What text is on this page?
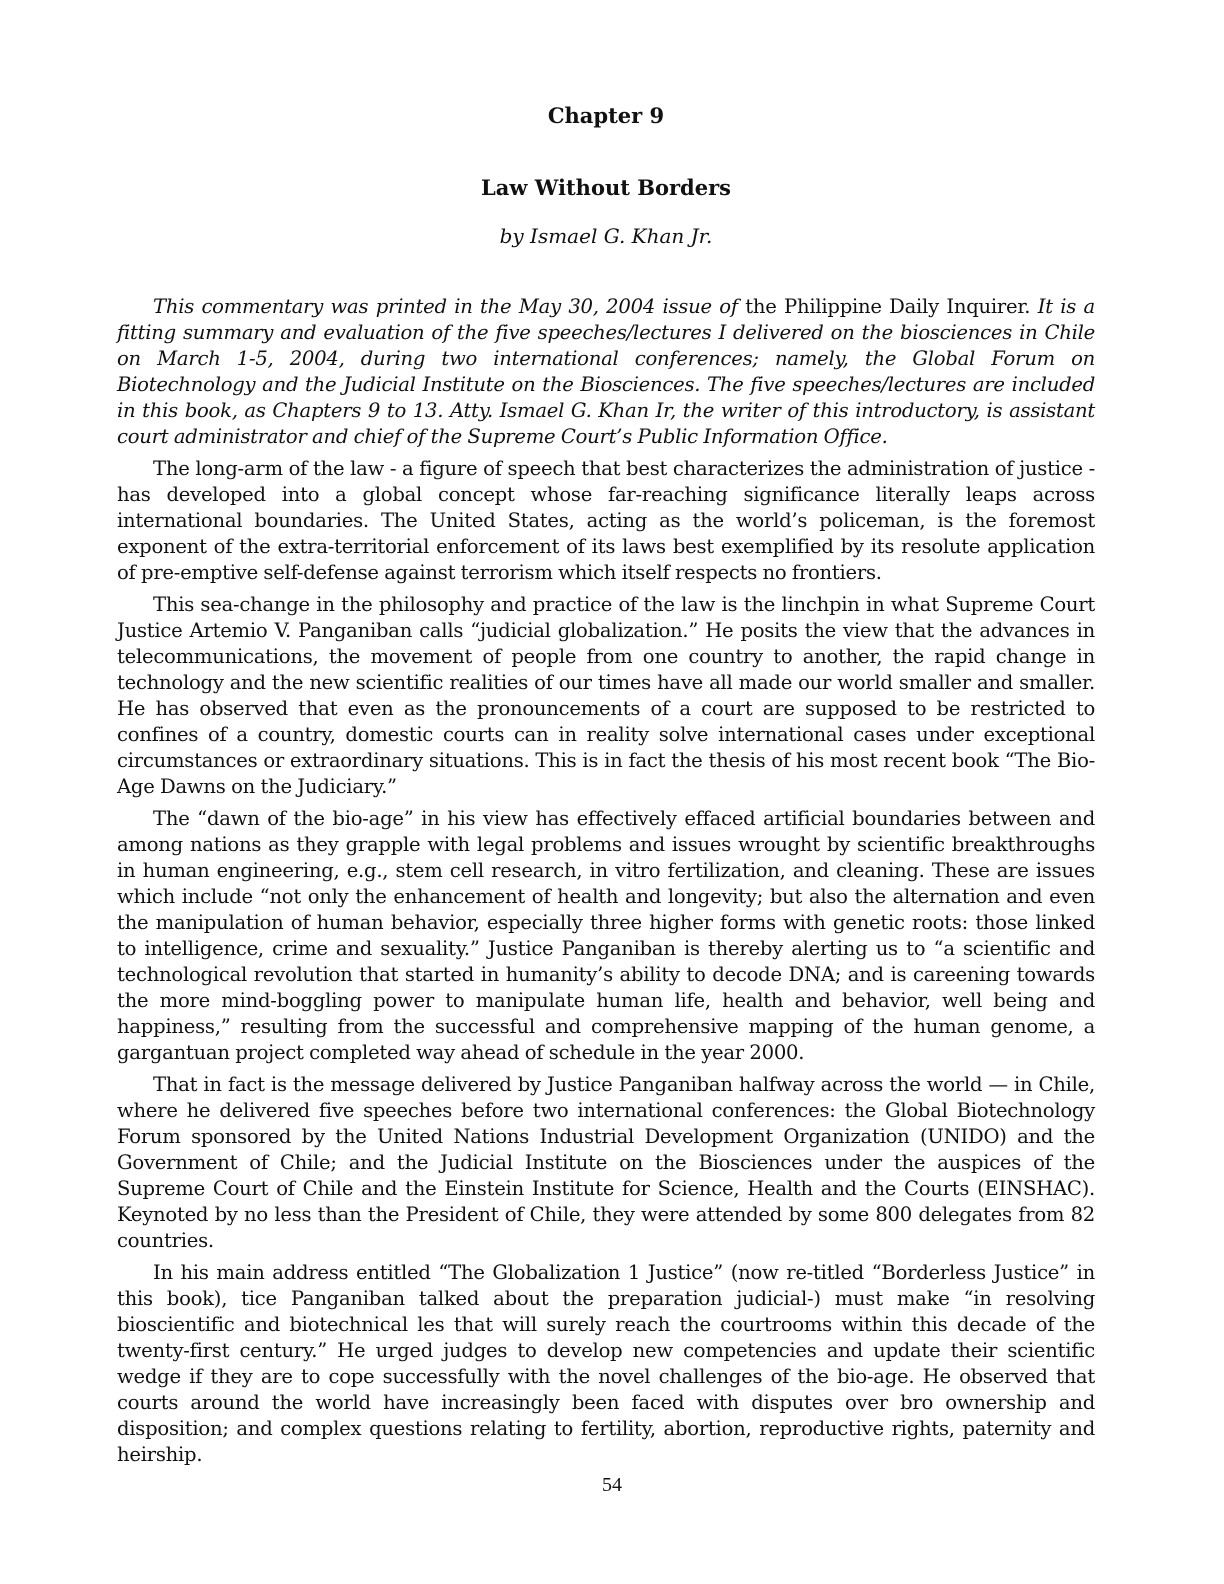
Chapter 9
Law Without Borders
by Ismael G. Khan Jr.

This commentary was printed in the May 30, 2004 issue of the Philippine Daily Inquirer. It is a fitting summary and evaluation of the five speeches/lectures I delivered on the biosciences in Chile on March 1-5, 2004, during two international conferences; namely, the Global Forum on Biotechnology and the Judicial Institute on the Biosciences. The five speeches/lectures are included in this book, as Chapters 9 to 13. Atty. Ismael G. Khan Ir, the writer of this introductory, is assistant court administrator and chief of the Supreme Court’s Public Information Office.

The long-arm of the law - a figure of speech that best characterizes the administration of justice - has developed into a global concept whose far-reaching significance literally leaps across international boundaries. The United States, acting as the world’s policeman, is the foremost exponent of the extra-territorial enforcement of its laws best exemplified by its resolute application of pre-emptive self-defense against terrorism which itself respects no frontiers.

This sea-change in the philosophy and practice of the law is the linchpin in what Supreme Court Justice Artemio V. Panganiban calls “judicial globalization.” He posits the view that the advances in telecommunications, the movement of people from one country to another, the rapid change in technology and the new scientific realities of our times have all made our world smaller and smaller. He has observed that even as the pronouncements of a court are supposed to be restricted to confines of a country, domestic courts can in reality solve international cases under exceptional circumstances or extraordinary situations. This is in fact the thesis of his most recent book “The Bio-Age Dawns on the Judiciary.”

The “dawn of the bio-age” in his view has effectively effaced artificial boundaries between and among nations as they grapple with legal problems and issues wrought by scientific breakthroughs in human engineering, e.g., stem cell research, in vitro fertilization, and cleaning. These are issues which include “not only the enhancement of health and longevity; but also the alternation and even the manipulation of human behavior, especially three higher forms with genetic roots: those linked to intelligence, crime and sexuality.” Justice Panganiban is thereby alerting us to “a scientific and technological revolution that started in humanity’s ability to decode DNA; and is careening towards the more mind-boggling power to manipulate human life, health and behavior, well being and happiness,” resulting from the successful and comprehensive mapping of the human genome, a gargantuan project completed way ahead of schedule in the year 2000.

That in fact is the message delivered by Justice Panganiban halfway across the world — in Chile, where he delivered five speeches before two international conferences: the Global Biotechnology Forum sponsored by the United Nations Industrial Development Organization (UNIDO) and the Government of Chile; and the Judicial Institute on the Biosciences under the auspices of the Supreme Court of Chile and the Einstein Institute for Science, Health and the Courts (EINSHAC). Keynoted by no less than the President of Chile, they were attended by some 800 delegates from 82 countries.

In his main address entitled “The Globalization 1 Justice” (now re-titled “Borderless Justice” in this book), tice Panganiban talked about the preparation judicial-) must make “in resolving bioscientific and biotechnical les that will surely reach the courtrooms within this decade of the twenty-first century.” He urged judges to develop new competencies and update their scientific wedge if they are to cope successfully with the novel challenges of the bio-age. He observed that courts around the world have increasingly been faced with disputes over bro ownership and disposition; and complex questions relating to fertility, abortion, reproductive rights, paternity and heirship.

54
